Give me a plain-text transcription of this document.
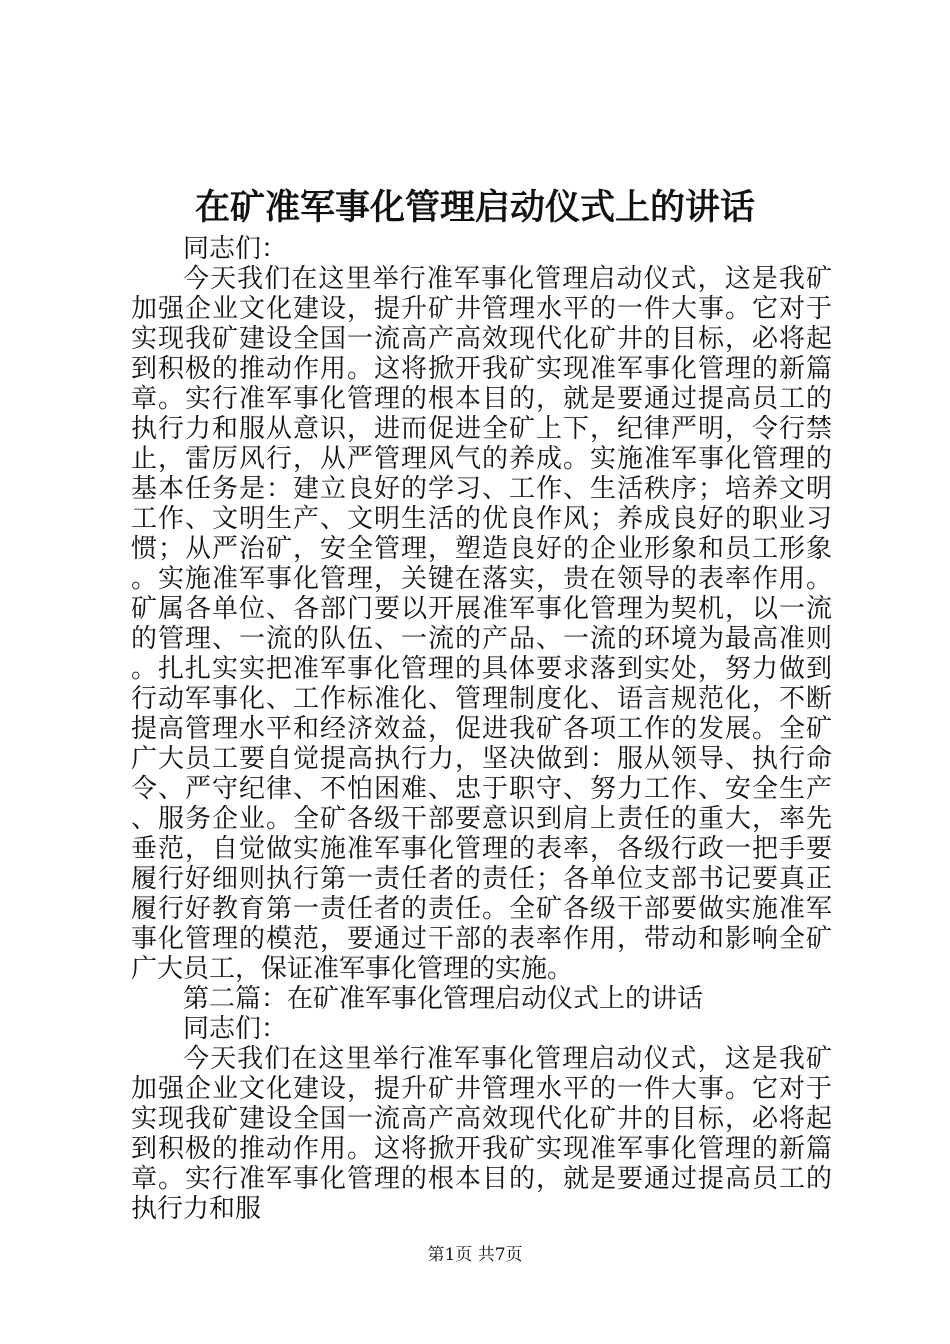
在矿准军事化管理启动仪式上的讲话

同志们：

今天我们在这里举行准军事化管理启动仪式，这是我矿加强企业文化建设，提升矿井管理水平的一件大事。它对于实现我矿建设全国一流高产高效现代化矿井的目标，必将起到积极的推动作用。这将掀开我矿实现准军事化管理的新篇章。实行准军事化管理的根本目的，就是要通过提高员工的执行力和服从意识，进而促进全矿上下，纪律严明，令行禁止，雷厉风行，从严管理风气的养成。实施准军事化管理的基本任务是：建立良好的学习、工作、生活秩序；培养文明工作、文明生产、文明生活的优良作风；养成良好的职业习惯；从严治矿，安全管理，塑造良好的企业形象和员工形象。实施准军事化管理，关键在落实，贵在领导的表率作用。矿属各单位、各部门要以开展准军事化管理为契机，以一流的管理、一流的队伍、一流的产品、一流的环境为最高准则。扎扎实实把准军事化管理的具体要求落到实处，努力做到行动军事化、工作标准化、管理制度化、语言规范化，不断提高管理水平和经济效益，促进我矿各项工作的发展。全矿广大员工要自觉提高执行力，坚决做到：服从领导、执行命令、严守纪律、不怕困难、忠于职守、努力工作、安全生产、服务企业。全矿各级干部要意识到肩上责任的重大，率先垂范，自觉做实施准军事化管理的表率，各级行政一把手要履行好细则执行第一责任者的责任；各单位支部书记要真正履行好教育第一责任者的责任。全矿各级干部要做实施准军事化管理的模范，要通过干部的表率作用，带动和影响全矿广大员工，保证准军事化管理的实施。

第二篇：在矿准军事化管理启动仪式上的讲话

同志们：

今天我们在这里举行准军事化管理启动仪式，这是我矿加强企业文化建设，提升矿井管理水平的一件大事。它对于实现我矿建设全国一流高产高效现代化矿井的目标，必将起到积极的推动作用。这将掀开我矿实现准军事化管理的新篇章。实行准军事化管理的根本目的，就是要通过提高员工的执行力和服

第1页 共7页
